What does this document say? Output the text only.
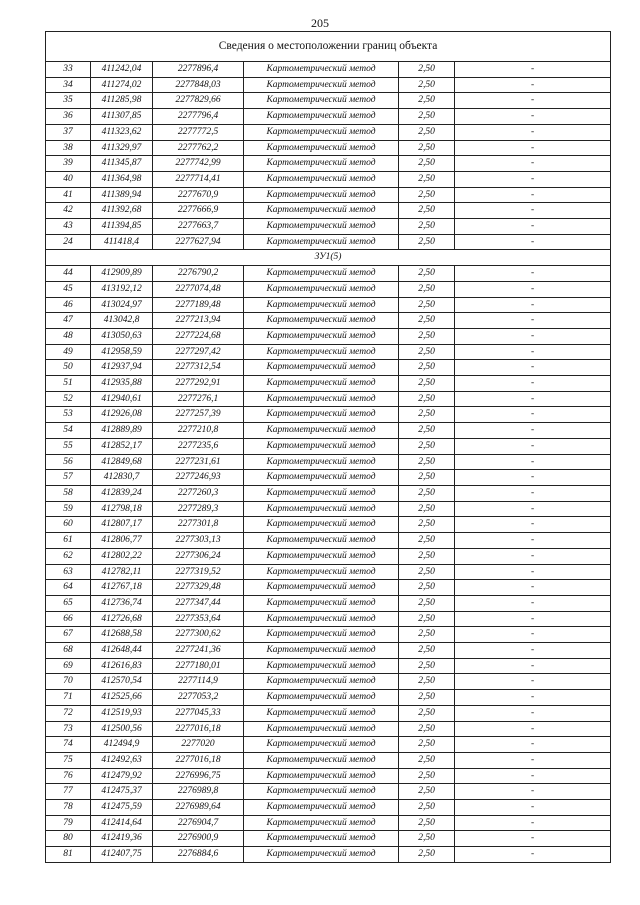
205
Сведения о местоположении границ объекта					
33	411242,04	2277896,4	Картометрический метод	2,50	-
34	411274,02	2277848,03	Картометрический метод	2,50	-
35	411285,98	2277829,66	Картометрический метод	2,50	-
36	411307,85	2277796,4	Картометрический метод	2,50	-
37	411323,62	2277772,5	Картометрический метод	2,50	-
38	411329,97	2277762,2	Картометрический метод	2,50	-
39	411345,87	2277742,99	Картометрический метод	2,50	-
40	411364,98	2277714,41	Картометрический метод	2,50	-
41	411389,94	2277670,9	Картометрический метод	2,50	-
42	411392,68	2277666,9	Картометрический метод	2,50	-
43	411394,85	2277663,7	Картометрический метод	2,50	-
24	411418,4	2277627,94	Картометрический метод	2,50	-
ЗУ1(5)					
44	412909,89	2276790,2	Картометрический метод	2,50	-
45	413192,12	2277074,48	Картометрический метод	2,50	-
46	413024,97	2277189,48	Картометрический метод	2,50	-
47	413042,8	2277213,94	Картометрический метод	2,50	-
48	413050,63	2277224,68	Картометрический метод	2,50	-
49	412958,59	2277297,42	Картометрический метод	2,50	-
50	412937,94	2277312,54	Картометрический метод	2,50	-
51	412935,88	2277292,91	Картометрический метод	2,50	-
52	412940,61	2277276,1	Картометрический метод	2,50	-
53	412926,08	2277257,39	Картометрический метод	2,50	-
54	412889,89	2277210,8	Картометрический метод	2,50	-
55	412852,17	2277235,6	Картометрический метод	2,50	-
56	412849,68	2277231,61	Картометрический метод	2,50	-
57	412830,7	2277246,93	Картометрический метод	2,50	-
58	412839,24	2277260,3	Картометрический метод	2,50	-
59	412798,18	2277289,3	Картометрический метод	2,50	-
60	412807,17	2277301,8	Картометрический метод	2,50	-
61	412806,77	2277303,13	Картометрический метод	2,50	-
62	412802,22	2277306,24	Картометрический метод	2,50	-
63	412782,11	2277319,52	Картометрический метод	2,50	-
64	412767,18	2277329,48	Картометрический метод	2,50	-
65	412736,74	2277347,44	Картометрический метод	2,50	-
66	412726,68	2277353,64	Картометрический метод	2,50	-
67	412688,58	2277300,62	Картометрический метод	2,50	-
68	412648,44	2277241,36	Картометрический метод	2,50	-
69	412616,83	2277180,01	Картометрический метод	2,50	-
70	412570,54	2277114,9	Картометрический метод	2,50	-
71	412525,66	2277053,2	Картометрический метод	2,50	-
72	412519,93	2277045,33	Картометрический метод	2,50	-
73	412500,56	2277016,18	Картометрический метод	2,50	-
74	412494,9	2277020	Картометрический метод	2,50	-
75	412492,63	2277016,18	Картометрический метод	2,50	-
76	412479,92	2276996,75	Картометрический метод	2,50	-
77	412475,37	2276989,8	Картометрический метод	2,50	-
78	412475,59	2276989,64	Картометрический метод	2,50	-
79	412414,64	2276904,7	Картометрический метод	2,50	-
80	412419,36	2276900,9	Картометрический метод	2,50	-
81	412407,75	2276884,6	Картометрический метод	2,50	-
